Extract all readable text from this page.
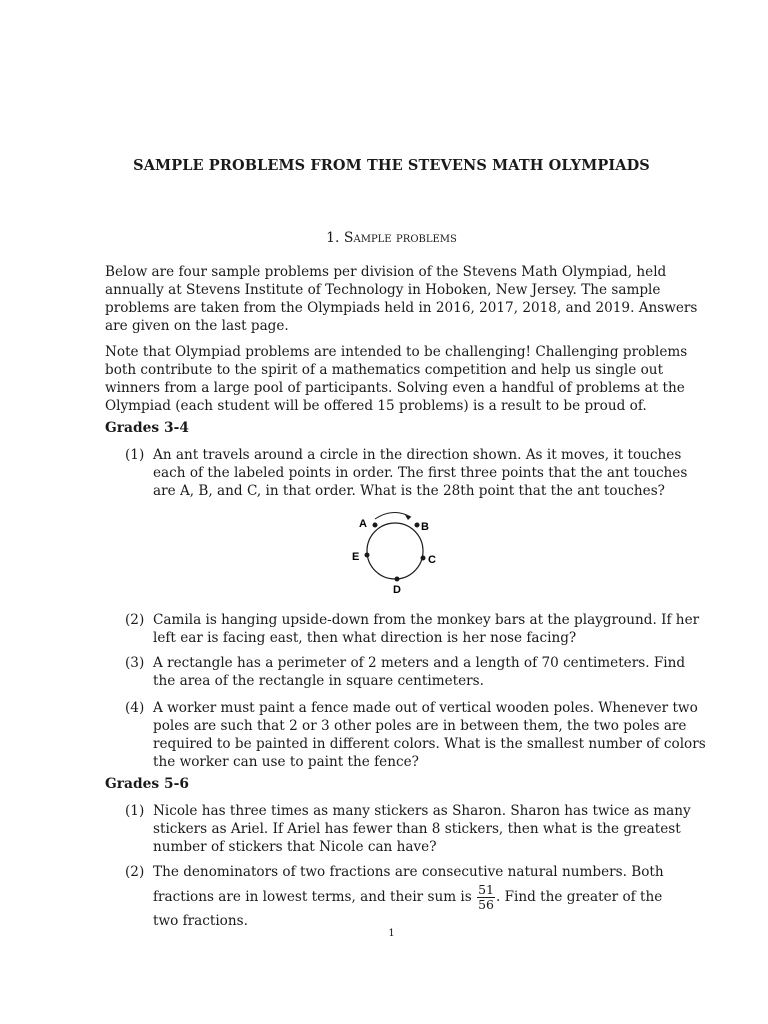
SAMPLE PROBLEMS FROM THE STEVENS MATH OLYMPIADS
1. Sample problems
Below are four sample problems per division of the Stevens Math Olympiad, held
annually at Stevens Institute of Technology in Hoboken, New Jersey. The sample
problems are taken from the Olympiads held in 2016, 2017, 2018, and 2019. Answers
are given on the last page.
Note that Olympiad problems are intended to be challenging! Challenging problems
both contribute to the spirit of a mathematics competition and help us single out
winners from a large pool of participants. Solving even a handful of problems at the
Olympiad (each student will be offered 15 problems) is a result to be proud of.
Grades 3-4
(1) An ant travels around a circle in the direction shown. As it moves, it touches
each of the labeled points in order. The first three points that the ant touches
are A, B, and C, in that order. What is the 28th point that the ant touches?
A	B
C
D
E
(2) Camila is hanging upside-down from the monkey bars at the playground. If her
left ear is facing east, then what direction is her nose facing?
(3) A rectangle has a perimeter of 2 meters and a length of 70 centimeters. Find
the area of the rectangle in square centimeters.
(4) A worker must paint a fence made out of vertical wooden poles. Whenever two
poles are such that 2 or 3 other poles are in between them, the two poles are
required to be painted in different colors. What is the smallest number of colors
the worker can use to paint the fence?
Grades 5-6
(1) Nicole has three times as many stickers as Sharon. Sharon has twice as many
stickers as Ariel. If Ariel has fewer than 8 stickers, then what is the greatest
number of stickers that Nicole can have?
(2) The denominators of two fractions are consecutive natural numbers. Both
fractions are in lowest terms, and their sum is $\frac{51}{56}$ . Find the greater of the
two fractions.
1
